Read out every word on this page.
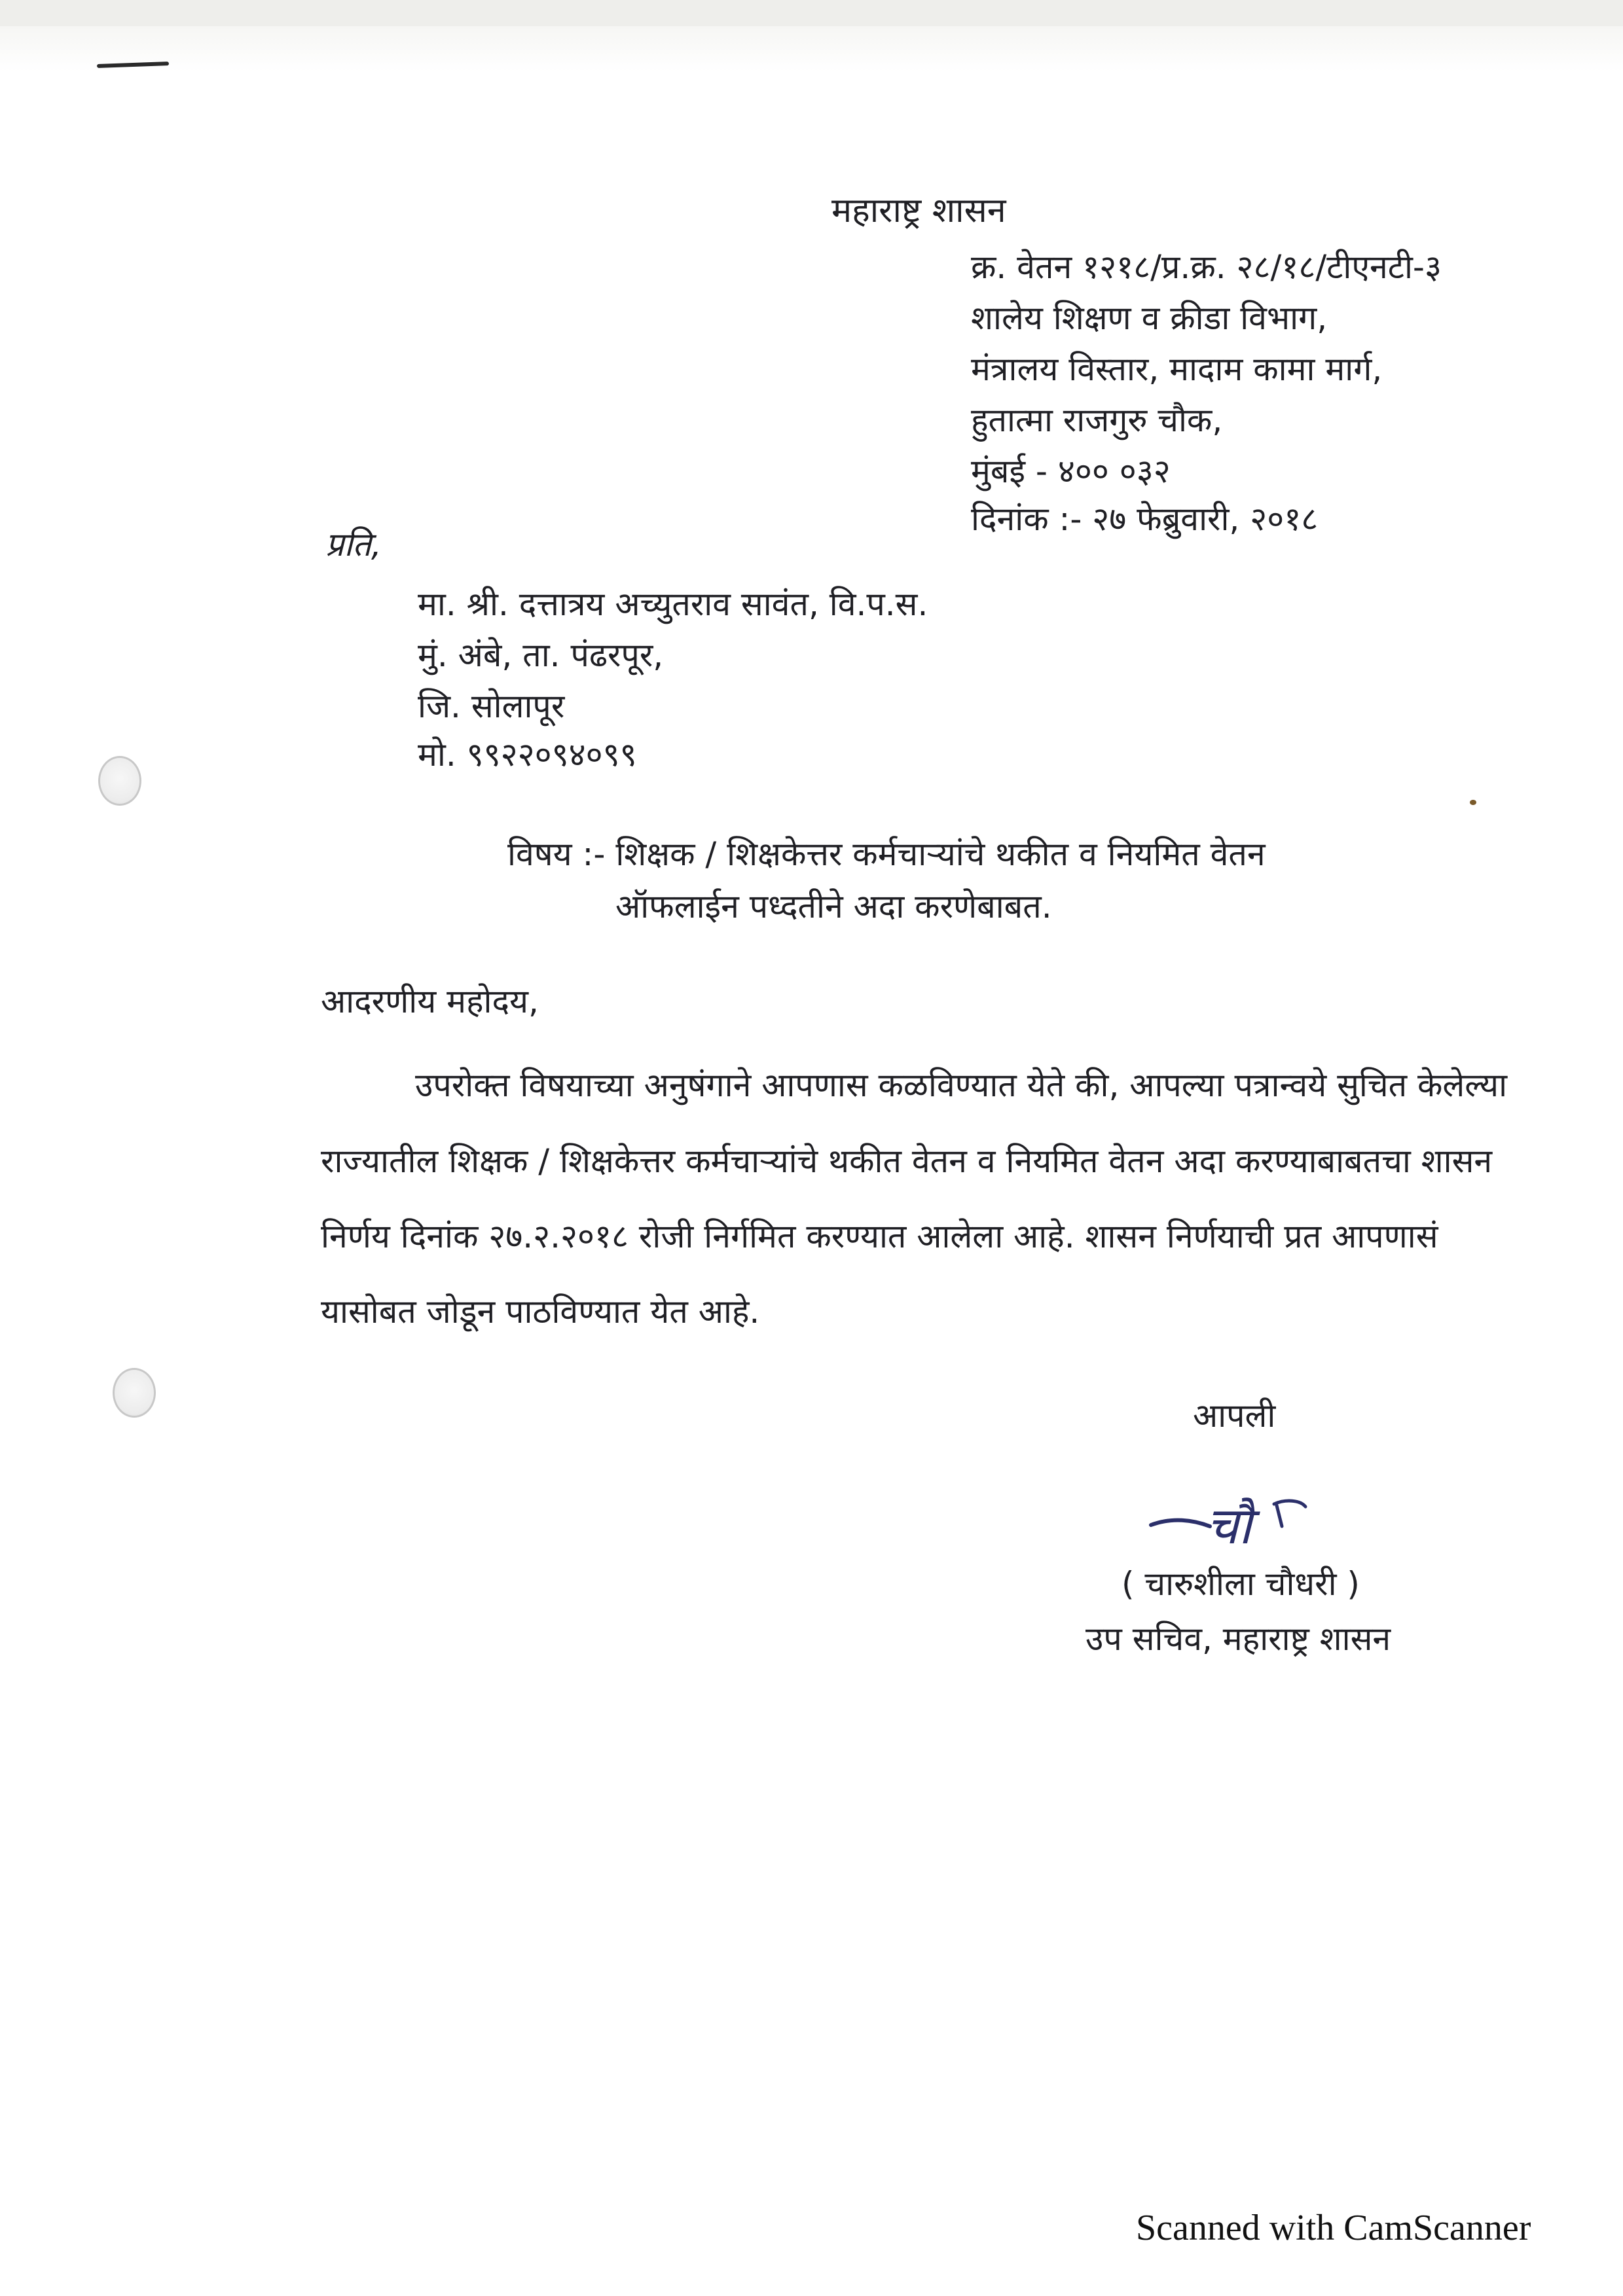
महाराष्ट्र शासन
क्र. वेतन १२१८/प्र.क्र. २८/१८/टीएनटी-३
शालेय शिक्षण व क्रीडा विभाग,
मंत्रालय विस्तार, मादाम कामा मार्ग,
हुतात्मा राजगुरु चौक,
मुंबई - ४०० ०३२
दिनांक :- २७ फेब्रुवारी, २०१८
प्रति,
मा. श्री. दत्तात्रय अच्युतराव सावंत, वि.प.स.
मुं. अंबे, ता. पंढरपूर,
जि. सोलापूर
मो. ९९२२०९४०९९
विषय :- शिक्षक / शिक्षकेत्तर कर्मचाऱ्यांचे थकीत व नियमित वेतन
ऑफलाईन पध्दतीने अदा करणेबाबत.
आदरणीय महोदय,
उपरोक्त विषयाच्या अनुषंगाने आपणास कळविण्यात येते की, आपल्या पत्रान्वये सुचित केलेल्या
राज्यातील शिक्षक / शिक्षकेत्तर कर्मचाऱ्यांचे थकीत वेतन व नियमित वेतन अदा करण्याबाबतचा शासन
निर्णय दिनांक २७.२.२०१८ रोजी निर्गमित करण्यात आलेला आहे. शासन निर्णयाची प्रत आपणासं
यासोबत जोडून पाठविण्यात येत आहे.
आपली
चौ
( चारुशीला चौधरी )
उप सचिव, महाराष्ट्र शासन
Scanned with CamScanner
